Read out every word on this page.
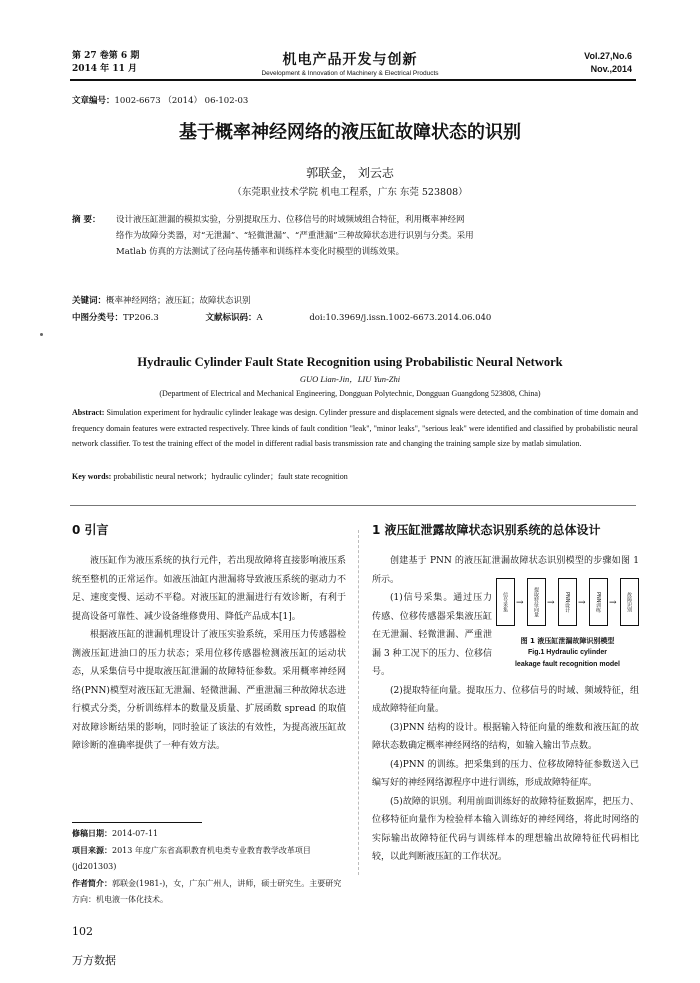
第 27 卷第 6 期
2014 年 11 月
机电产品开发与创新
Development & Innovation of Machinery & Electrical Products
Vol.27,No.6
Nov.,2014
文章编号：1002-6673 （2014） 06-102-03
基于概率神经网络的液压缸故障状态的识别
郭联金， 刘云志
（东莞职业技术学院 机电工程系，广东 东莞 523808）
摘 要：	设计液压缸泄漏的模拟实验，分别提取压力、位移信号的时域频域组合特征，利用概率神经网
络作为故障分类器，对“无泄漏”、“轻微泄漏”、“严重泄漏”三种故障状态进行识别与分类。采用
Matlab 仿真的方法测试了径向基传播率和训练样本变化时模型的训练效果。
关键词：概率神经网络；液压缸；故障状态识别
中图分类号：TP206.3	文献标识码：A	doi:10.3969/j.issn.1002-6673.2014.06.040
Hydraulic Cylinder Fault State Recognition using Probabilistic Neural Network
GUO Lian-Jin，LIU Yun-Zhi
(Department of Electrical and Mechanical Engineering, Dongguan Polytechnic, Dongguan Guangdong 523808, China)
Abstract: Simulation experiment for hydraulic cylinder leakage was design. Cylinder pressure and displacement signals were detected, and the combination of time domain and frequency domain features were extracted respectively. Three kinds of fault condition "leak", "minor leaks", "serious leak" were identified and classified by probabilistic neural network classifier. To test the training effect of the model in different radial basis transmission rate and changing the training sample size by matlab simulation.
Key words: probabilistic neural network；hydraulic cylinder；fault state recognition
0 引言

液压缸作为液压系统的执行元件，若出现故障将直接影响液压系统至整机的正常运作。如液压油缸内泄漏将导致液压系统的驱动力不足、速度变慢、运动不平稳。对液压缸的泄漏进行有效诊断，有利于提高设备可靠性、减少设备维修费用、降低产品成本[1]。

根据液压缸的泄漏机理设计了液压实验系统，采用压力传感器检测液压缸进油口的压力状态；采用位移传感器检测液压缸的运动状态，从采集信号中提取液压缸泄漏的故障特征参数。采用概率神经网络(PNN)模型对液压缸无泄漏、轻微泄漏、严重泄漏三种故障状态进行模式分类，分析训练样本的数量及质量、扩展函数 spread 的取值对故障诊断结果的影响，同时验证了该法的有效性，为提高液压缸故障诊断的准确率提供了一种有效方法。

1 液压缸泄露故障状态识别系统的总体设计

创建基于 PNN 的液压缸泄漏故障状态识别模型的步骤如图 1 所示。

(1)信号采集。通过压力传感、位移传感器采集液压缸在无泄漏、轻微泄漏、严重泄漏 3 种工况下的压力、位移信号。

(2)提取特征向量。提取压力、位移信号的时域、频域特征，组成故障特征向量。

(3)PNN 结构的设计。根据输入特征向量的维数和液压缸的故障状态数确定概率神经网络的结构，如输入输出节点数。

(4)PNN 的训练。把采集到的压力、位移故障特征参数送入已编写好的神经网络源程序中进行训练，形成故障特征库。

(5)故障的识别。利用前面训练好的故障特征数据库，把压力、位移特征向量作为检验样本输入训练好的神经网络，将此时网络的实际输出故障特征代码与训练样本的理想输出故障特征代码相比较，以此判断液压缸的工作状况。

信号采集 →	提取特征向量 →	PNN设计 →	PNN训练 →	故障识别
图 1 液压缸泄漏故障识别模型
Fig.1 Hydraulic cylinder
leakage fault recognition model
修稿日期：2014-07-11
项目来源：2013 年度广东省高职教育机电类专业教育教学改革项目 (jd201303)
作者简介：郭联金(1981-)，女，广东广州人，讲师，硕士研究生。主要研究方向：机电液一体化技术。
102
万方数据
